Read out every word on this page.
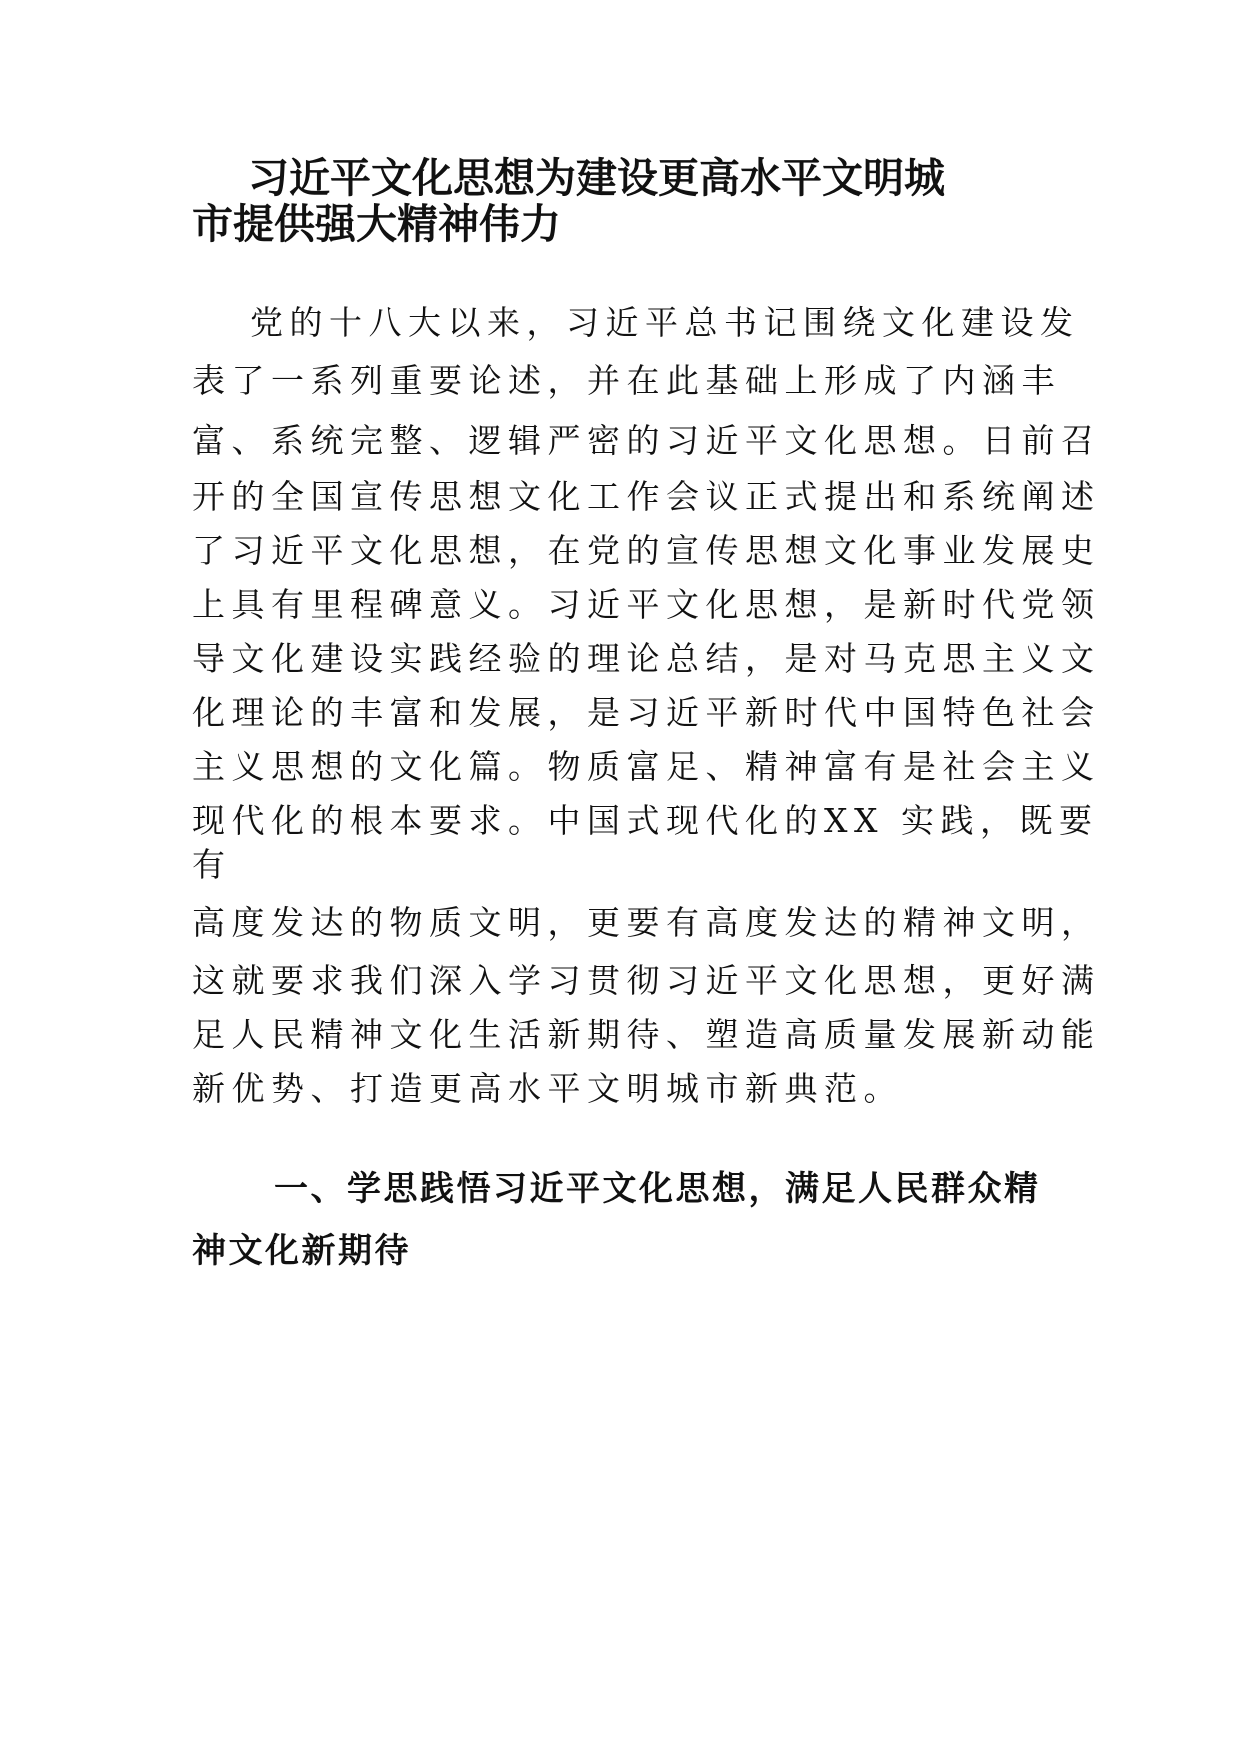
习近平文化思想为建设更高水平文明城
市提供强大精神伟力
党的十八大以来，习近平总书记围绕文化建设发
表了一系列重要论述，并在此基础上形成了内涵丰
富、系统完整、逻辑严密的习近平文化思想。日前召
开的全国宣传思想文化工作会议正式提出和系统阐述
了习近平文化思想，在党的宣传思想文化事业发展史
上具有里程碑意义。习近平文化思想，是新时代党领
导文化建设实践经验的理论总结，是对马克思主义文
化理论的丰富和发展，是习近平新时代中国特色社会
主义思想的文化篇。物质富足、精神富有是社会主义
现代化的根本要求。中国式现代化的XX 实践，既要
有
高度发达的物质文明，更要有高度发达的精神文明，
这就要求我们深入学习贯彻习近平文化思想，更好满
足人民精神文化生活新期待、塑造高质量发展新动能
新优势、打造更高水平文明城市新典范。
一、学思践悟习近平文化思想，满足人民群众精
神文化新期待
